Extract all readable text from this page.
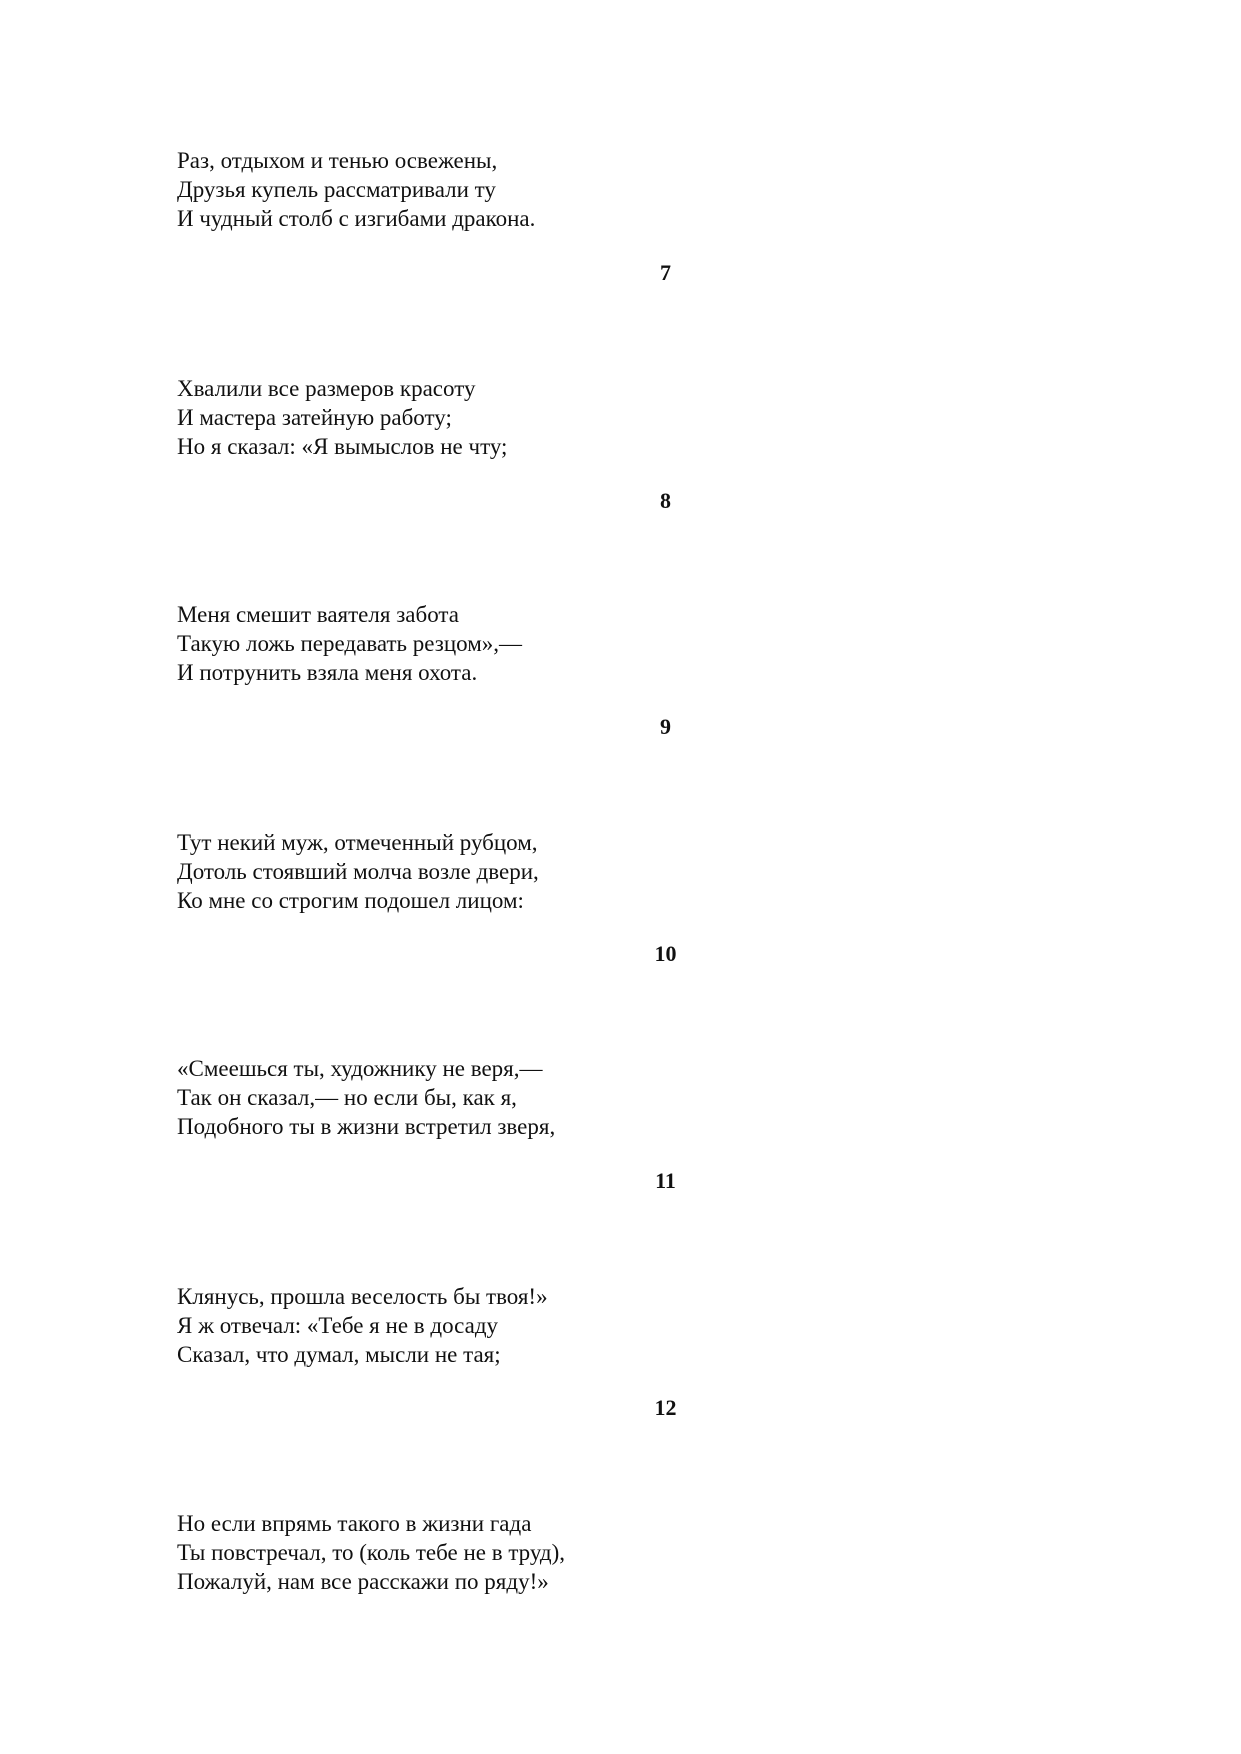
Раз, отдыхом и тенью освежены,
Друзья купель рассматривали ту
И чудный столб с изгибами дракона.
7
Хвалили все размеров красоту
И мастера затейную работу;
Но я сказал: «Я вымыслов не чту;
8
Меня смешит ваятеля забота
Такую ложь передавать резцом»,—
И потрунить взяла меня охота.
9
Тут некий муж, отмеченный рубцом,
Дотоль стоявший молча возле двери,
Ко мне со строгим подошел лицом:
10
«Смеешься ты, художнику не веря,—
Так он сказал,— но если бы, как я,
Подобного ты в жизни встретил зверя,
11
Клянусь, прошла веселость бы твоя!»
Я ж отвечал: «Тебе я не в досаду
Сказал, что думал, мысли не тая;
12
Но если впрямь такого в жизни гада
Ты повстречал, то (коль тебе не в труд),
Пожалуй, нам все расскажи по ряду!»
